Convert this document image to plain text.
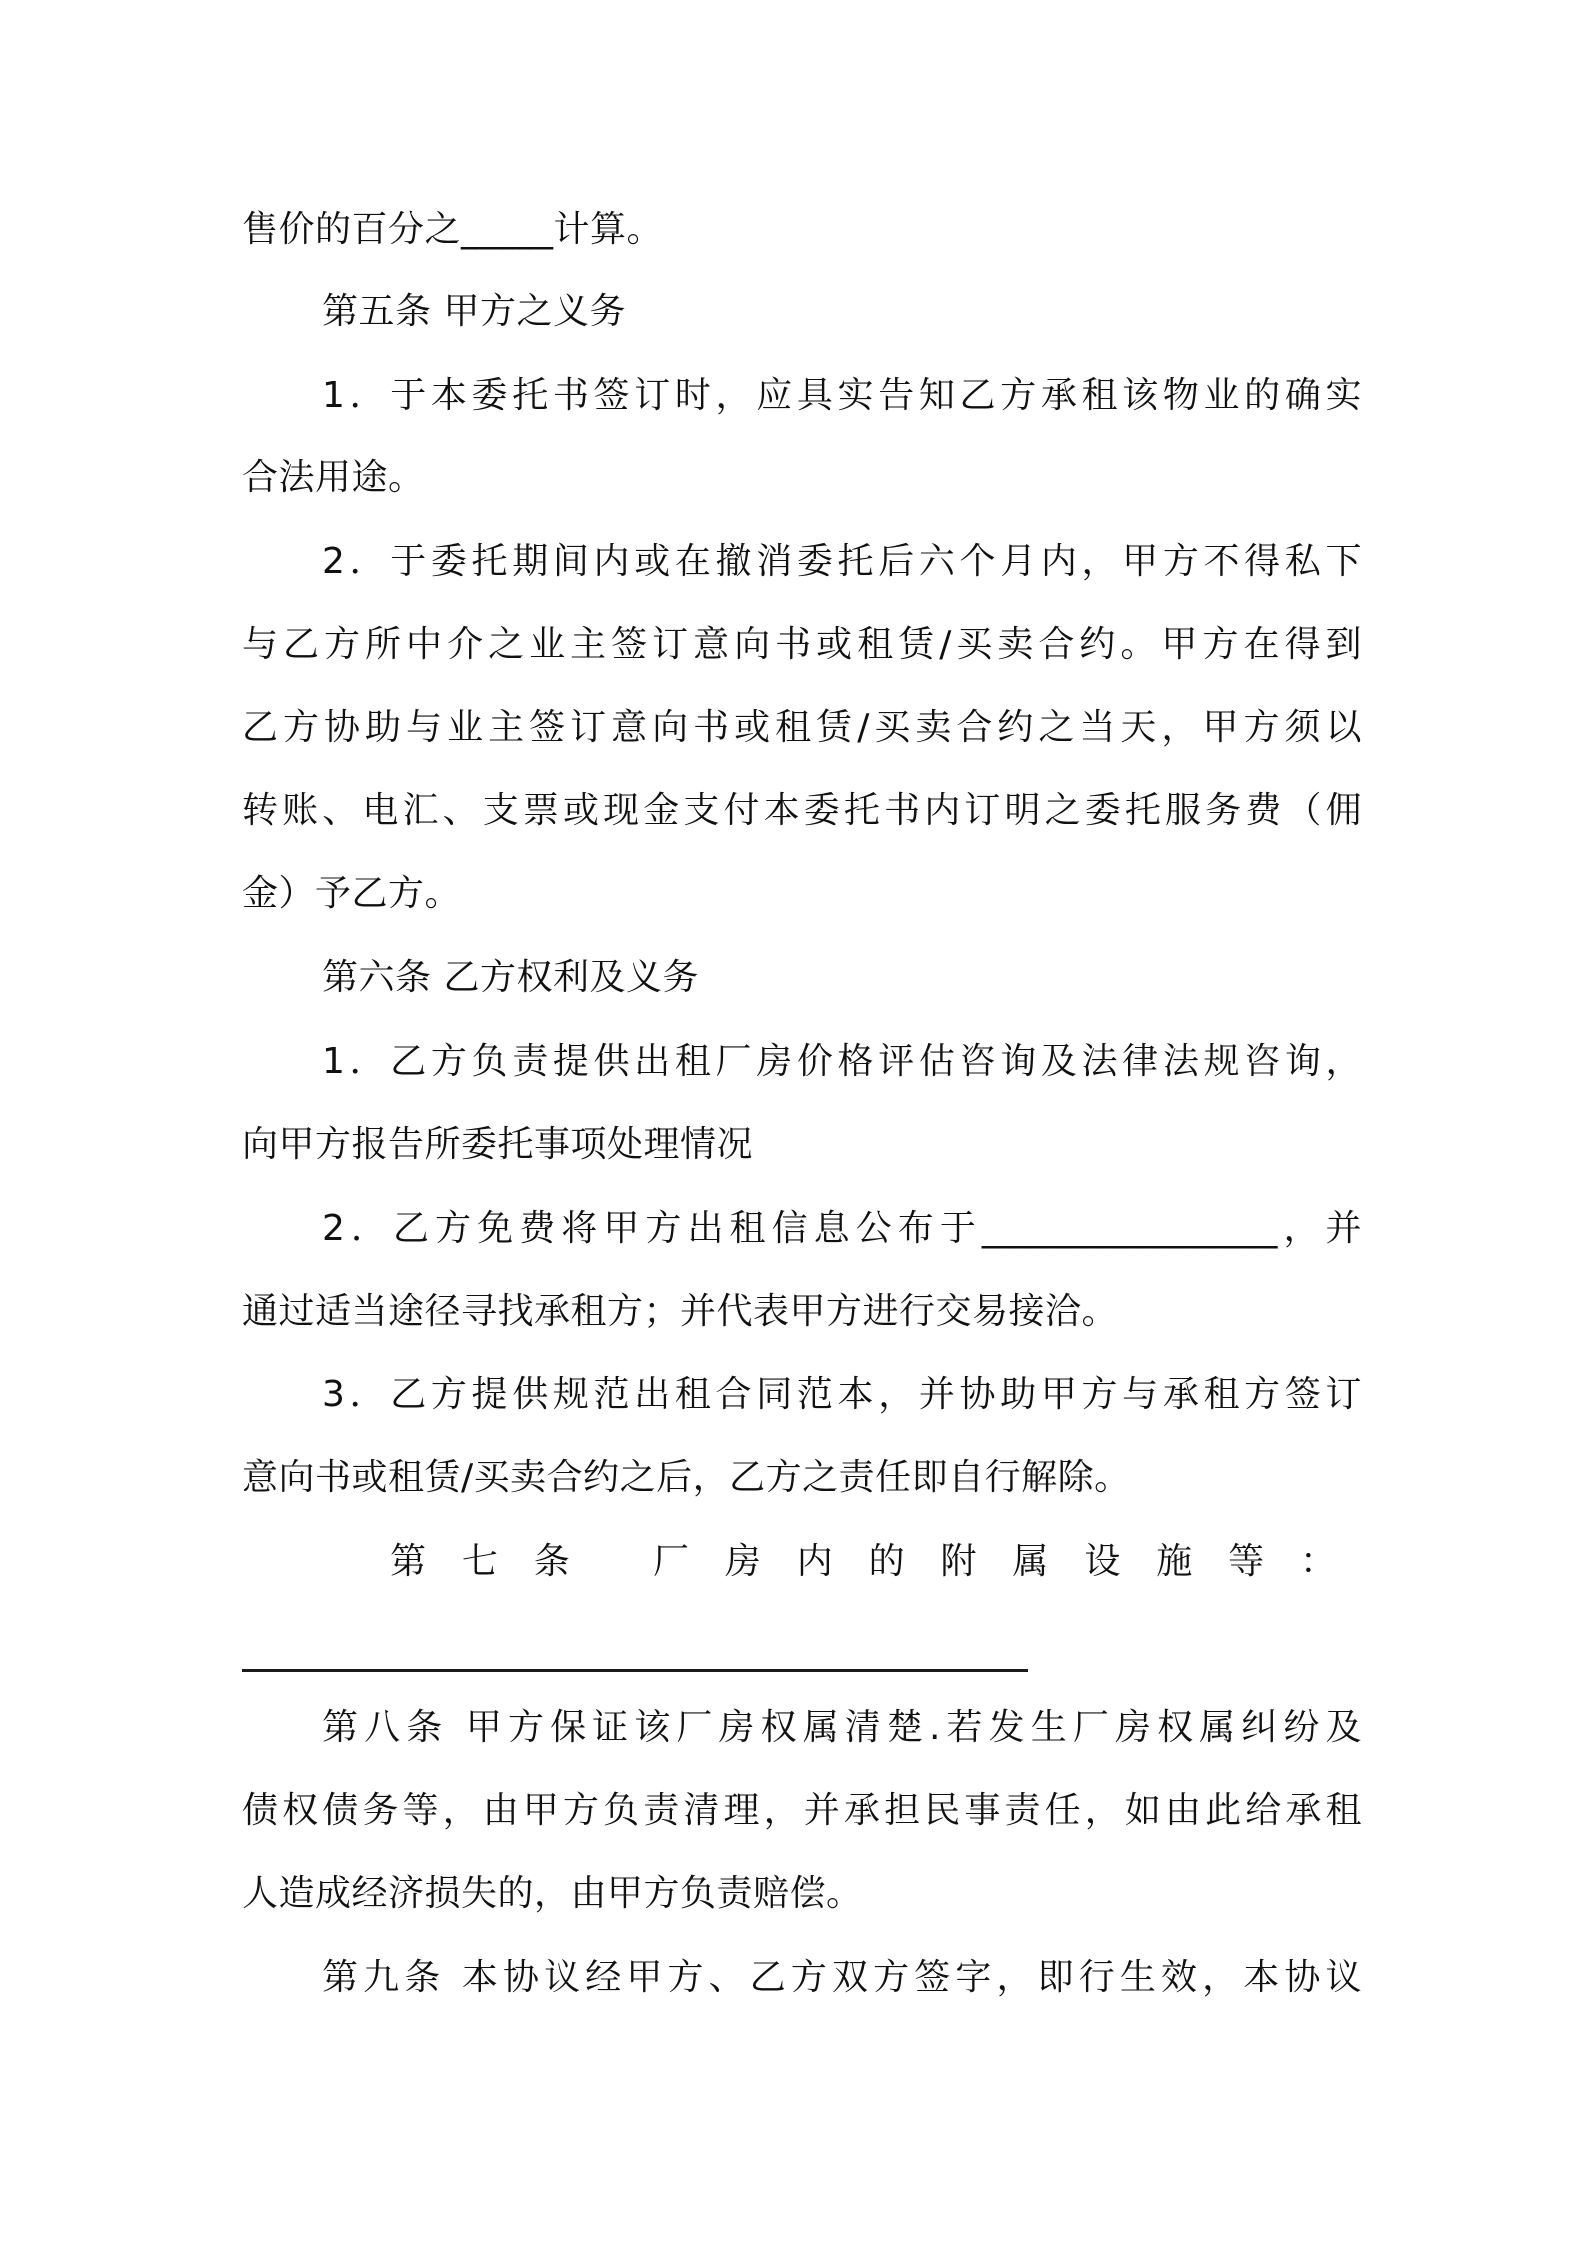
售价的百分之_____计算。
第五条 甲方之义务
1．于本委托书签订时，应具实告知乙方承租该物业的确实
合法用途。
2．于委托期间内或在撤消委托后六个月内，甲方不得私下
与乙方所中介之业主签订意向书或租赁/买卖合约。甲方在得到
乙方协助与业主签订意向书或租赁/买卖合约之当天，甲方须以
转账、电汇、支票或现金支付本委托书内订明之委托服务费（佣
金）予乙方。
第六条 乙方权利及义务
1．乙方负责提供出租厂房价格评估咨询及法律法规咨询，
向甲方报告所委托事项处理情况
2．乙方免费将甲方出租信息公布于________________，并
通过适当途径寻找承租方；并代表甲方进行交易接洽。
3．乙方提供规范出租合同范本，并协助甲方与承租方签订
意向书或租赁/买卖合约之后，乙方之责任即自行解除。
第七条 厂房内的附属设施等：
第八条 甲方保证该厂房权属清楚.若发生厂房权属纠纷及
债权债务等，由甲方负责清理，并承担民事责任，如由此给承租
人造成经济损失的，由甲方负责赔偿。
第九条 本协议经甲方、乙方双方签字，即行生效，本协议
